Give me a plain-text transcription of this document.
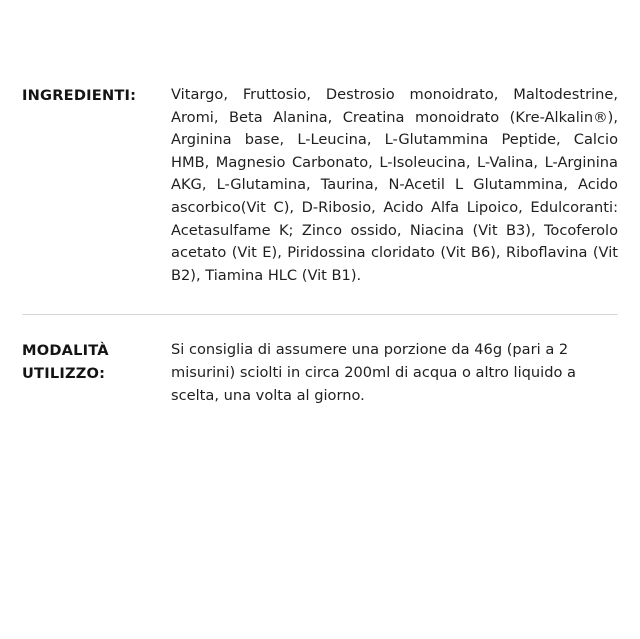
INGREDIENTI:	Vitargo, Fruttosio, Destrosio monoidrato, Maltodestrine, Aromi, Beta Alanina, Creatina monoidrato (Kre-Alkalin®), Arginina base, L-Leucina, L-Glutammina Peptide, Calcio HMB, Magnesio Carbonato, L-Isoleucina, L-Valina, L-Arginina AKG, L-Glutamina, Taurina, N-Acetil L Glutammina, Acido ascorbico(Vit C), D-Ribosio, Acido Alfa Lipoico, Edulcoranti: Acetasulfame K; Zinco ossido, Niacina (Vit B3), Tocoferolo acetato (Vit E), Piridossina cloridato (Vit B6), Riboflavina (Vit B2), Tiamina HLC (Vit B1).

MODALITÀ
UTILIZZO:

Si consiglia di assumere una porzione da 46g (pari a 2 misurini) sciolti in circa 200ml di acqua o altro liquido a scelta, una volta al giorno.
